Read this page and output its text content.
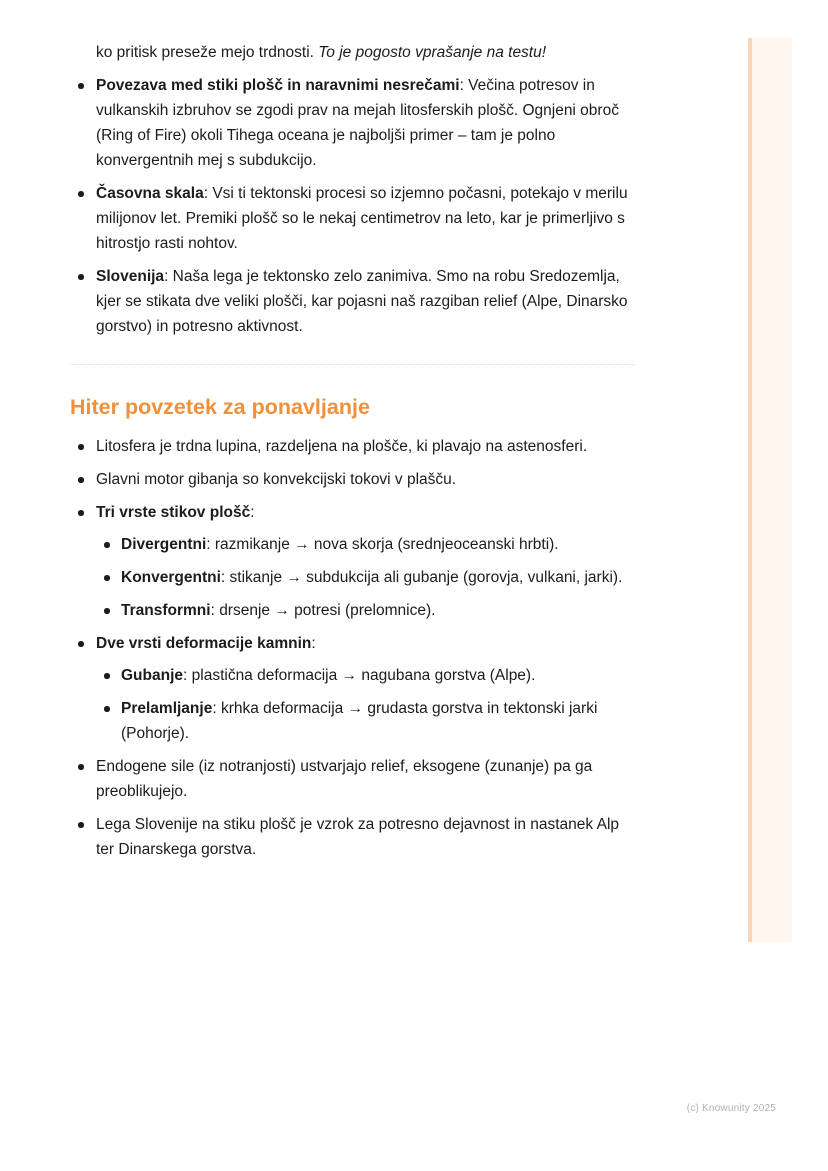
ko pritisk preseže mejo trdnosti. To je pogosto vprašanje na testu!
Povezava med stiki plošč in naravnimi nesrečami: Večina potresov in vulkanskih izbruhov se zgodi prav na mejah litosferskih plošč. Ognjeni obroč (Ring of Fire) okoli Tihega oceana je najboljši primer – tam je polno konvergentnih mej s subdukcijo.
Časovna skala: Vsi ti tektonski procesi so izjemno počasni, potekajo v merilu milijonov let. Premiki plošč so le nekaj centimetrov na leto, kar je primerljivo s hitrostjo rasti nohtov.
Slovenija: Naša lega je tektonsko zelo zanimiva. Smo na robu Sredozemlja, kjer se stikata dve veliki plošči, kar pojasni naš razgiban relief (Alpe, Dinarsko gorstvo) in potresno aktivnost.
Hiter povzetek za ponavljanje
Litosfera je trdna lupina, razdeljena na plošče, ki plavajo na astenosferi.
Glavni motor gibanja so konvekcijski tokovi v plašču.
Tri vrste stikov plošč:
Divergentni: razmikanje → nova skorja (srednjeoceanski hrbti).
Konvergentni: stikanje → subdukcija ali gubanje (gorovja, vulkani, jarki).
Transformni: drsenje → potresi (prelomnice).
Dve vrsti deformacije kamnin:
Gubanje: plastična deformacija → nagubana gorstva (Alpe).
Prelamljanje: krhka deformacija → grudasta gorstva in tektonski jarki (Pohorje).
Endogene sile (iz notranjosti) ustvarjajo relief, eksogene (zunanje) pa ga preoblikujejo.
Lega Slovenije na stiku plošč je vzrok za potresno dejavnost in nastanek Alp ter Dinarskega gorstva.
(c) Knowunity 2025
